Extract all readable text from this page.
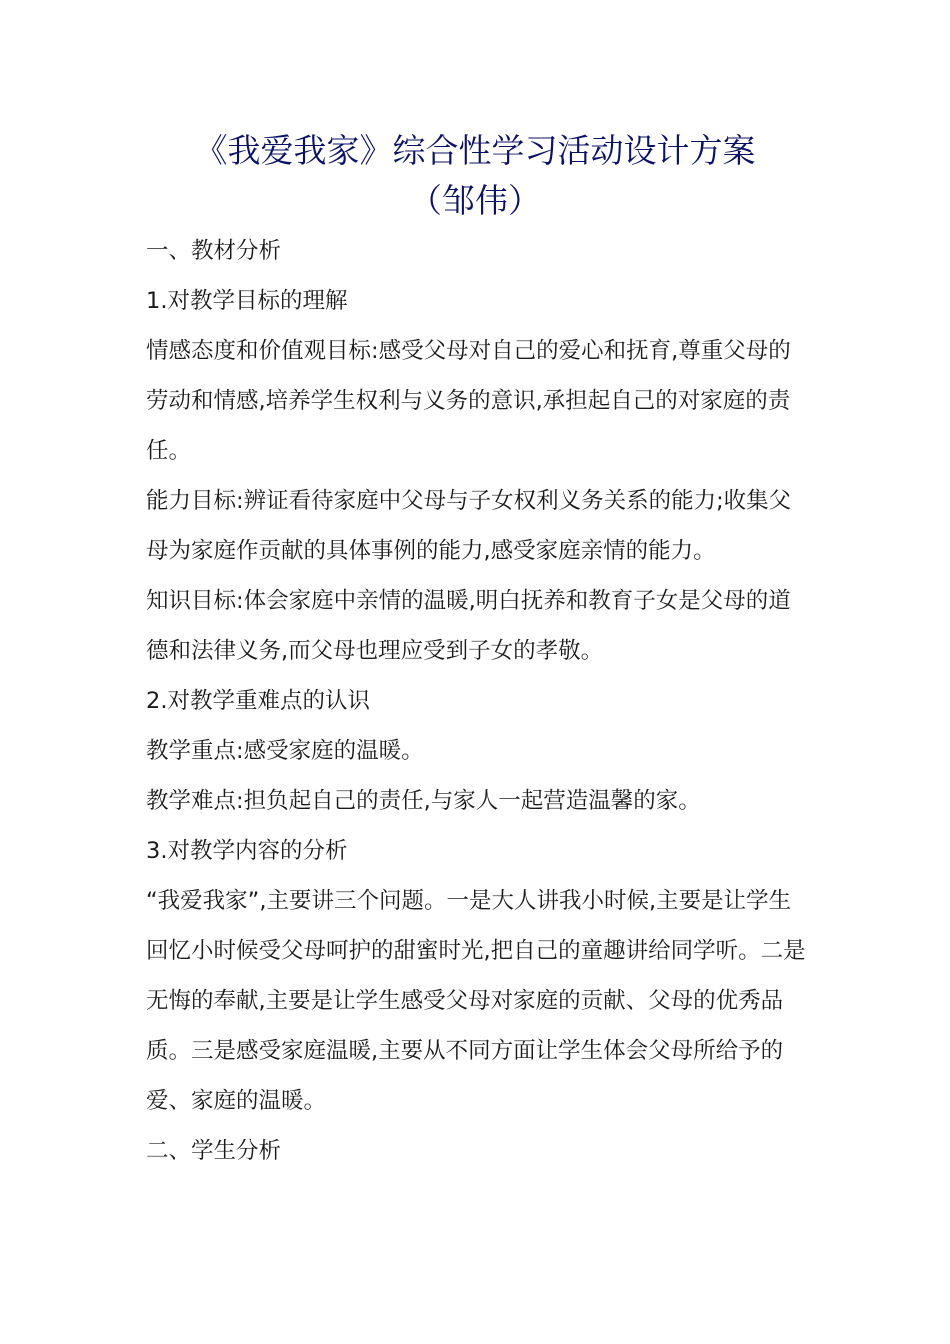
《我爱我家》综合性学习活动设计方案
（邹伟）

一、教材分析

1.对教学目标的理解

情感态度和价值观目标:感受父母对自己的爱心和抚育,尊重父母的劳动和情感,培养学生权利与义务的意识,承担起自己的对家庭的责任。

能力目标:辨证看待家庭中父母与子女权利义务关系的能力;收集父母为家庭作贡献的具体事例的能力,感受家庭亲情的能力。

知识目标:体会家庭中亲情的温暖,明白抚养和教育子女是父母的道德和法律义务,而父母也理应受到子女的孝敬。

2.对教学重难点的认识

教学重点:感受家庭的温暖。

教学难点:担负起自己的责任,与家人一起营造温馨的家。

3.对教学内容的分析

“我爱我家”,主要讲三个问题。一是大人讲我小时候,主要是让学生回忆小时候受父母呵护的甜蜜时光,把自己的童趣讲给同学听。二是无悔的奉献,主要是让学生感受父母对家庭的贡献、父母的优秀品质。三是感受家庭温暖,主要从不同方面让学生体会父母所给予的爱、家庭的温暖。

二、学生分析
